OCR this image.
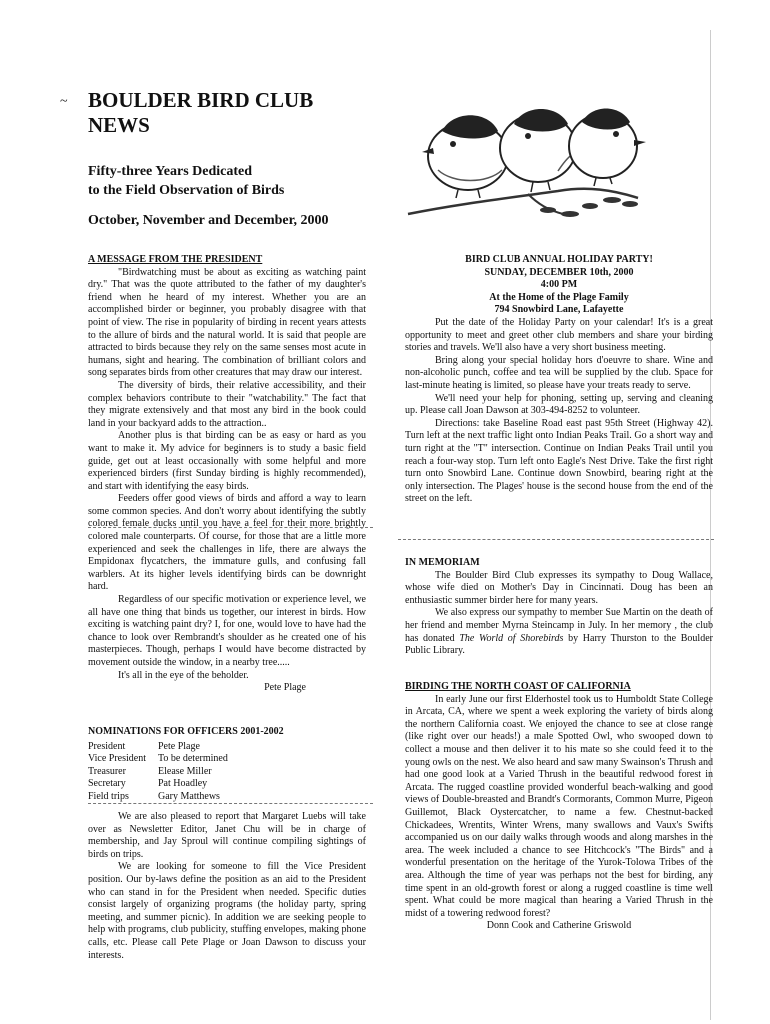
~ BOULDER BIRD CLUB
NEWS
Fifty-three Years Dedicated
to the Field Observation of Birds
October, November and December, 2000
A MESSAGE FROM THE PRESIDENT

"Birdwatching must be about as exciting as watching paint dry." That was the quote attributed to the father of my daughter's friend when he heard of my interest. Whether you are an accomplished birder or beginner, you probably disagree with that point of view. The rise in popularity of birding in recent years attests to the allure of birds and the natural world. It is said that people are attracted to birds because they rely on the same senses most acute in humans, sight and hearing. The combination of brilliant colors and song separates birds from other creatures that may draw our interest.

The diversity of birds, their relative accessibility, and their complex behaviors contribute to their "watchability." The fact that they migrate extensively and that most any bird in the book could land in your backyard adds to the attraction..

Another plus is that birding can be as easy or hard as you want to make it. My advice for beginners is to study a basic field guide, get out at least occasionally with some helpful and more experienced birders (first Sunday birding is highly recommended), and start with identifying the easy birds.

Feeders offer good views of birds and afford a way to learn some common species. And don't worry about identifying the subtly colored female ducks until you have a feel for their more brightly colored male counterparts. Of course, for those that are a little more experienced and seek the challenges in life, there are always the Empidonax flycatchers, the immature gulls, and confusing fall warblers. At its higher levels identifying birds can be downright hard.

Regardless of our specific motivation or experience level, we all have one thing that binds us together, our interest in birds. How exciting is watching paint dry? I, for one, would love to have had the chance to look over Rembrandt's shoulder as he created one of his masterpieces. Though, perhaps I would have become distracted by movement outside the window, in a nearby tree.....

It's all in the eye of the beholder.

Pete Plage

NOMINATIONS FOR OFFICERS 2001-2002
President	Pete Plage
Vice President	To be determined
Treasurer	Elease Miller
Secretary	Pat Hoadley
Field trips	Gary Matthews

We are also pleased to report that Margaret Luebs will take over as Newsletter Editor, Janet Chu will be in charge of membership, and Jay Sproul will continue compiling sightings of birds on trips.

We are looking for someone to fill the Vice President position. Our by-laws define the position as an aid to the President who can stand in for the President when needed. Specific duties consist largely of organizing programs (the holiday party, spring meeting, and summer picnic). In addition we are seeking people to help with programs, club publicity, stuffing envelopes, making phone calls, etc. Please call Pete Plage or Joan Dawson to discuss your interests.

BIRD CLUB ANNUAL HOLIDAY PARTY!

SUNDAY, DECEMBER 10th, 2000

4:00 PM

At the Home of the Plage Family

794 Snowbird Lane, Lafayette

Put the date of the Holiday Party on your calendar! It's is a great opportunity to meet and greet other club members and share your birding stories and travels. We'll also have a very short business meeting.

Bring along your special holiday hors d'oeuvre to share. Wine and non-alcoholic punch, coffee and tea will be supplied by the club. Space for last-minute heating is limited, so please have your treats ready to serve.

We'll need your help for phoning, setting up, serving and cleaning up. Please call Joan Dawson at 303-494-8252 to volunteer.

Directions: take Baseline Road east past 95th Street (Highway 42). Turn left at the next traffic light onto Indian Peaks Trail. Go a short way and turn right at the "T" intersection. Continue on Indian Peaks Trail until you reach a four-way stop. Turn left onto Eagle's Nest Drive. Take the first right turn onto Snowbird Lane. Continue down Snowbird, bearing right at the only intersection. The Plages' house is the second house from the end of the street on the left.

IN MEMORIAM

The Boulder Bird Club expresses its sympathy to Doug Wallace, whose wife died on Mother's Day in Cincinnati. Doug has been an enthusiastic summer birder here for many years.

We also express our sympathy to member Sue Martin on the death of her friend and member Myrna Steincamp in July. In her memory , the club has donated The World of Shorebirds by Harry Thurston to the Boulder Public Library.

BIRDING THE NORTH COAST OF CALIFORNIA

In early June our first Elderhostel took us to Humboldt State College in Arcata, CA, where we spent a week exploring the variety of birds along the northern California coast. We enjoyed the chance to see at close range (like right over our heads!) a male Spotted Owl, who swooped down to collect a mouse and then deliver it to his mate so she could feed it to the young owls on the nest. We also heard and saw many Swainson's Thrush and had one good look at a Varied Thrush in the beautiful redwood forest in Arcata. The rugged coastline provided wonderful beach-walking and good views of Double-breasted and Brandt's Cormorants, Common Murre, Pigeon Guillemot, Black Oystercatcher, to name a few. Chestnut-backed Chickadees, Wrentits, Winter Wrens, many swallows and Vaux's Swifts accompanied us on our daily walks through woods and along marshes in the area. The week included a chance to see Hitchcock's "The Birds" and a wonderful presentation on the heritage of the Yurok-Tolowa Tribes of the area. Although the time of year was perhaps not the best for birding, any time spent in an old-growth forest or along a rugged coastline is time well spent. What could be more magical than hearing a Varied Thrush in the midst of a towering redwood forest?

Donn Cook and Catherine Griswold
